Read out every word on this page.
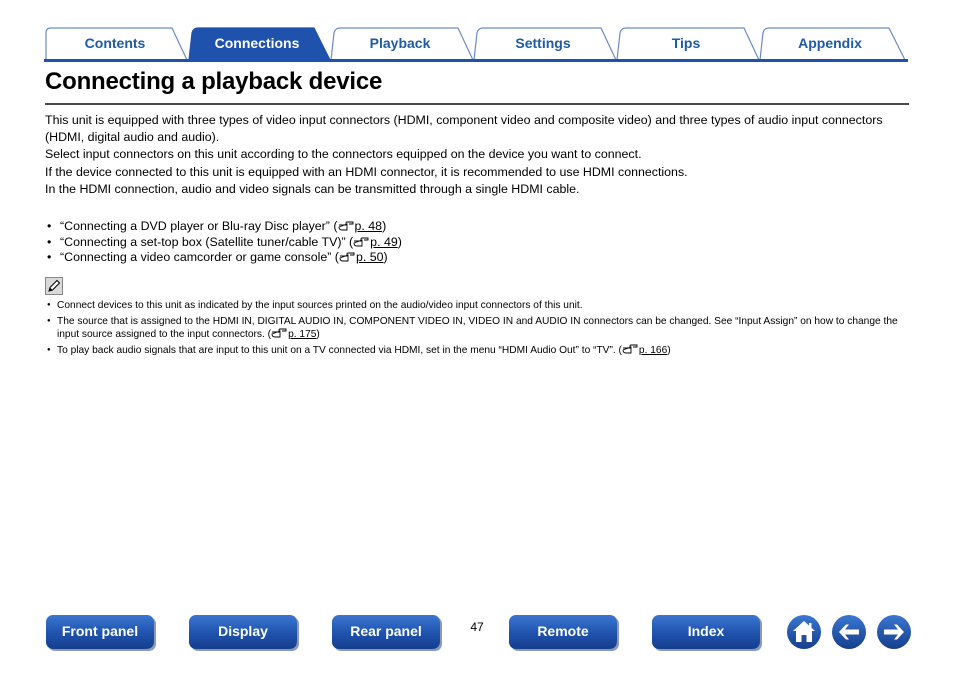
Contents	Connections	Playback	Settings	Tips	Appendix
Connecting a playback device

This unit is equipped with three types of video input connectors (HDMI, component video and composite video) and three types of audio input connectors (HDMI, digital audio and audio).

Select input connectors on this unit according to the connectors equipped on the device you want to connect.

If the device connected to this unit is equipped with an HDMI connector, it is recommended to use HDMI connections.

In the HDMI connection, audio and video signals can be transmitted through a single HDMI cable.

• “Connecting a DVD player or Blu-ray Disc player” ( p. 48)
• “Connecting a set-top box (Satellite tuner/cable TV)” ( p. 49)
• “Connecting a video camcorder or game console” ( p. 50)
● Connect devices to this unit as indicated by the input sources printed on the audio/video input connectors of this unit.
● The source that is assigned to the HDMI IN, DIGITAL AUDIO IN, COMPONENT VIDEO IN, VIDEO IN and AUDIO IN connectors can be changed. See “Input Assign” on how to change the input source assigned to the input connectors. ( p. 175)
● To play back audio signals that are input to this unit on a TV connected via HDMI, set in the menu “HDMI Audio Out” to “TV”. ( p. 166)
Front panel	Display	Rear panel	47	Remote	Index
